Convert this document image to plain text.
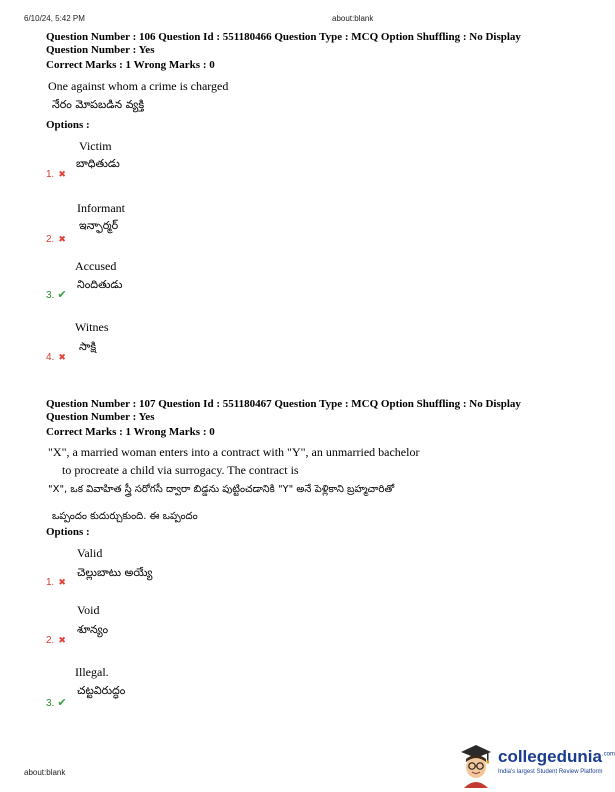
6/10/24, 5:42 PM	about:blank
Question Number : 106 Question Id : 551180466 Question Type : MCQ Option Shuffling : No Display
Question Number : Yes
Correct Marks : 1 Wrong Marks : 0
One against whom a crime is charged
నేరం మోపబడిన వ్యక్తి
Options :
Victim
1. ✖
బాధితుడు
Informant
2. ✖
ఇన్ఫార్మర్
Accused
3. ✔
నిందితుడు
Witnes
4. ✖
సాక్షి
Question Number : 107 Question Id : 551180467 Question Type : MCQ Option Shuffling : No Display
Question Number : Yes
Correct Marks : 1 Wrong Marks : 0
"X", a married woman enters into a contract with "Y", an unmarried bachelor
to procreate a child via surrogacy. The contract is
"X", ఒక వివాహిత స్త్రీ సరోగసీ ద్వారా బిడ్డను పుట్టించడానికి "Y" అనే పెళ్లికాని బ్రహ్మచారితో
ఒప్పందం కుదుర్చుకుంది. ఈ ఒప్పందం
Options :
Valid
1. ✖
చెల్లుబాటు అయ్యే
Void
2. ✖
శూన్యం
Illegal.
3. ✔
చట్టవిరుద్ధం
about:blank
collegedunia$^{.com}$
India's largest Student Review Platform
